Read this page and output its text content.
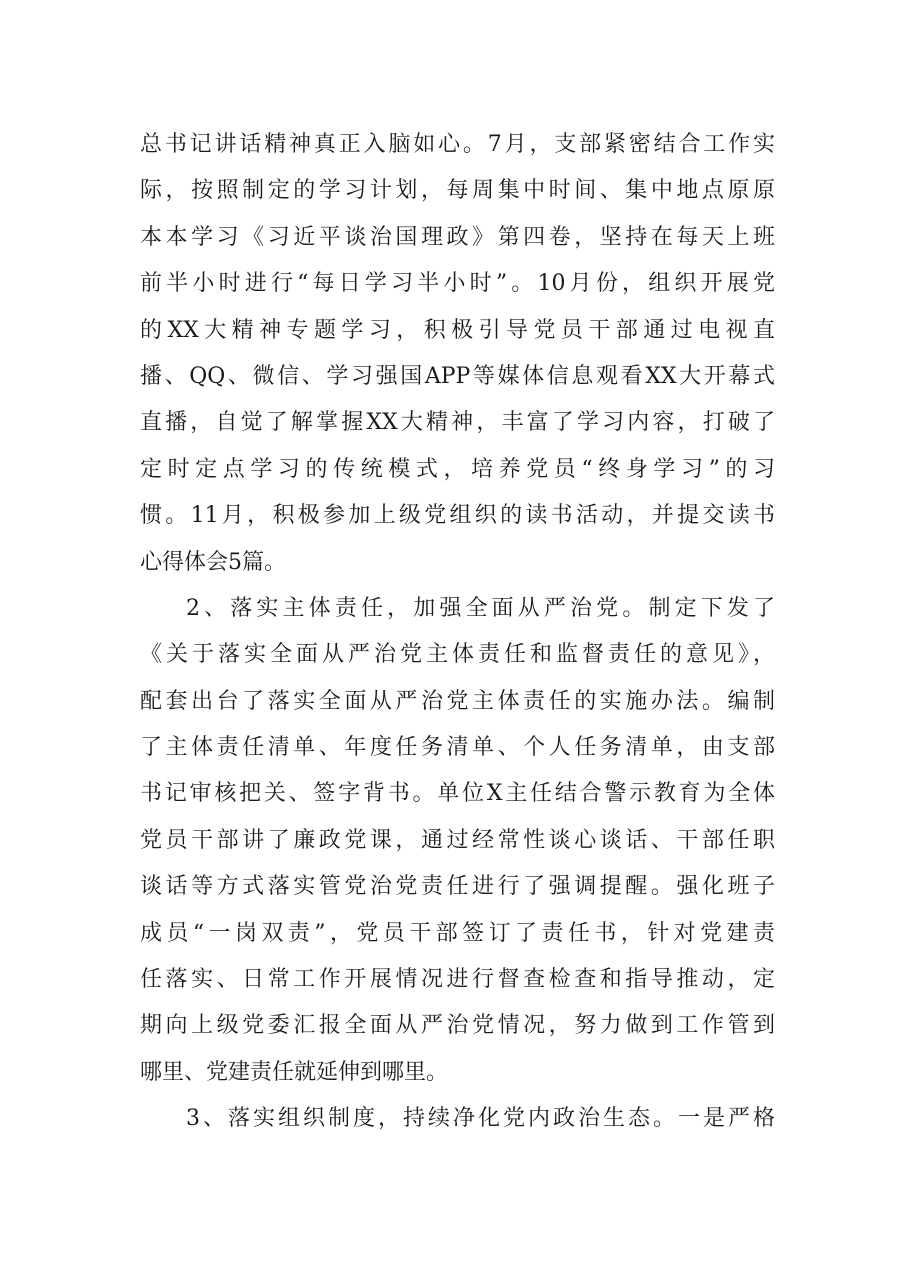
总书记讲话精神真正入脑如心。7月，支部紧密结合工作实
际，按照制定的学习计划，每周集中时间、集中地点原原
本本学习《习近平谈治国理政》第四卷，坚持在每天上班
前半小时进行“每日学习半小时”。10月份，组织开展党
的XX大精神专题学习，积极引导党员干部通过电视直
播、QQ、微信、学习强国APP等媒体信息观看XX大开幕式
直播，自觉了解掌握XX大精神，丰富了学习内容，打破了
定时定点学习的传统模式，培养党员“终身学习”的习
惯。11月，积极参加上级党组织的读书活动，并提交读书
心得体会5篇。
2、落实主体责任，加强全面从严治党。制定下发了
《关于落实全面从严治党主体责任和监督责任的意见》，
配套出台了落实全面从严治党主体责任的实施办法。编制
了主体责任清单、年度任务清单、个人任务清单，由支部
书记审核把关、签字背书。单位X主任结合警示教育为全体
党员干部讲了廉政党课，通过经常性谈心谈话、干部任职
谈话等方式落实管党治党责任进行了强调提醒。强化班子
成员“一岗双责”，党员干部签订了责任书，针对党建责
任落实、日常工作开展情况进行督查检查和指导推动，定
期向上级党委汇报全面从严治党情况，努力做到工作管到
哪里、党建责任就延伸到哪里。
3、落实组织制度，持续净化党内政治生态。一是严格
